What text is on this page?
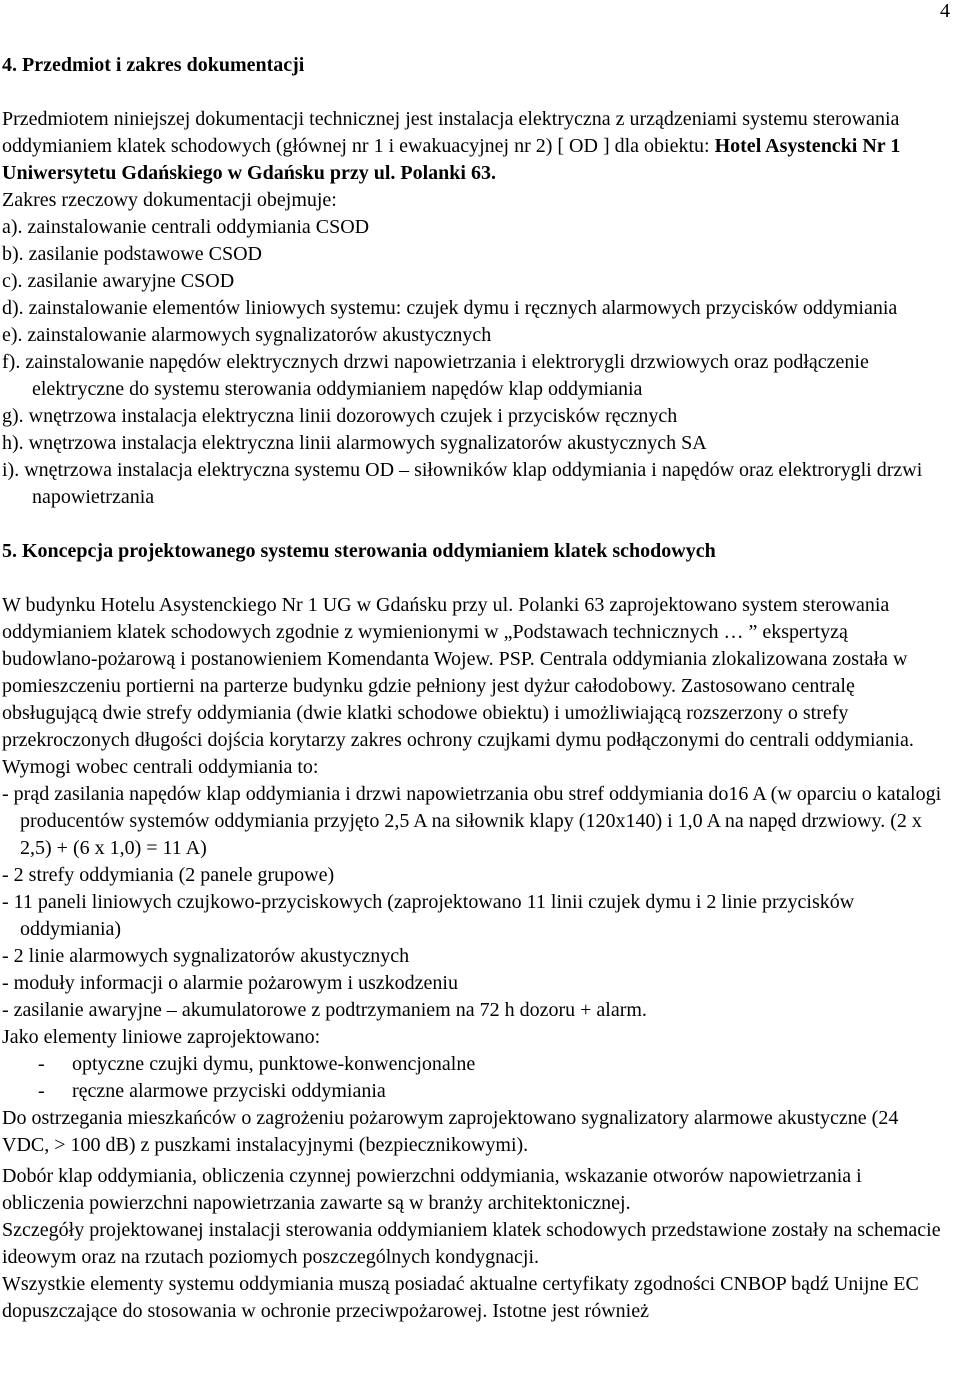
4
4. Przedmiot i zakres dokumentacji

Przedmiotem niniejszej dokumentacji technicznej jest instalacja elektryczna z urządzeniami systemu sterowania oddymianiem klatek schodowych (głównej nr 1 i ewakuacyjnej nr 2) [ OD ] dla obiektu: Hotel Asystencki Nr 1 Uniwersytetu Gdańskiego w Gdańsku przy ul. Polanki 63.

Zakres rzeczowy dokumentacji obejmuje:

a). zainstalowanie centrali oddymiania CSOD
b). zasilanie podstawowe CSOD
c). zasilanie awaryjne CSOD
d). zainstalowanie elementów liniowych systemu: czujek dymu i ręcznych alarmowych przycisków oddymiania
e). zainstalowanie alarmowych sygnalizatorów akustycznych
f). zainstalowanie napędów elektrycznych drzwi napowietrzania i elektrorygli drzwiowych oraz podłączenie elektryczne do systemu sterowania oddymianiem napędów klap oddymiania
g). wnętrzowa instalacja elektryczna linii dozorowych czujek i przycisków ręcznych
h). wnętrzowa instalacja elektryczna linii alarmowych sygnalizatorów akustycznych SA
i). wnętrzowa instalacja elektryczna systemu OD – siłowników klap oddymiania i napędów oraz elektrorygli drzwi napowietrzania
5. Koncepcja projektowanego systemu sterowania oddymianiem klatek schodowych

W budynku Hotelu Asystenckiego Nr 1 UG w Gdańsku przy ul. Polanki 63 zaprojektowano system sterowania oddymianiem klatek schodowych zgodnie z wymienionymi w „Podstawach technicznych … ” ekspertyzą budowlano-pożarową i postanowieniem Komendanta Wojew. PSP. Centrala oddymiania zlokalizowana została w pomieszczeniu portierni na parterze budynku gdzie pełniony jest dyżur całodobowy. Zastosowano centralę obsługującą dwie strefy oddymiania (dwie klatki schodowe obiektu) i umożliwiającą rozszerzony o strefy przekroczonych długości dojścia korytarzy zakres ochrony czujkami dymu podłączonymi do centrali oddymiania. Wymogi wobec centrali oddymiania to:

- prąd zasilania napędów klap oddymiania i drzwi napowietrzania obu stref oddymiania do16 A (w oparciu o katalogi producentów systemów oddymiania przyjęto 2,5 A na siłownik klapy (120x140) i 1,0 A na napęd drzwiowy. (2 x 2,5) + (6 x 1,0) = 11 A)
- 2 strefy oddymiania (2 panele grupowe)
- 11 paneli liniowych czujkowo-przyciskowych (zaprojektowano 11 linii czujek dymu i 2 linie przycisków oddymiania)
- 2 linie alarmowych sygnalizatorów akustycznych
- moduły informacji o alarmie pożarowym i uszkodzeniu
- zasilanie awaryjne – akumulatorowe z podtrzymaniem na 72 h dozoru + alarm.

Jako elementy liniowe zaprojektowano:

- optyczne czujki dymu, punktowe-konwencjonalne
- ręczne alarmowe przyciski oddymiania

Do ostrzegania mieszkańców o zagrożeniu pożarowym zaprojektowano sygnalizatory alarmowe akustyczne (24 VDC, > 100 dB) z puszkami instalacyjnymi (bezpiecznikowymi).

Dobór klap oddymiania, obliczenia czynnej powierzchni oddymiania, wskazanie otworów napowietrzania i obliczenia powierzchni napowietrzania zawarte są w branży architektonicznej.

Szczegóły projektowanej instalacji sterowania oddymianiem klatek schodowych przedstawione zostały na schemacie ideowym oraz na rzutach poziomych poszczególnych kondygnacji.

Wszystkie elementy systemu oddymiania muszą posiadać aktualne certyfikaty zgodności CNBOP bądź Unijne EC dopuszczające do stosowania w ochronie przeciwpożarowej. Istotne jest również
